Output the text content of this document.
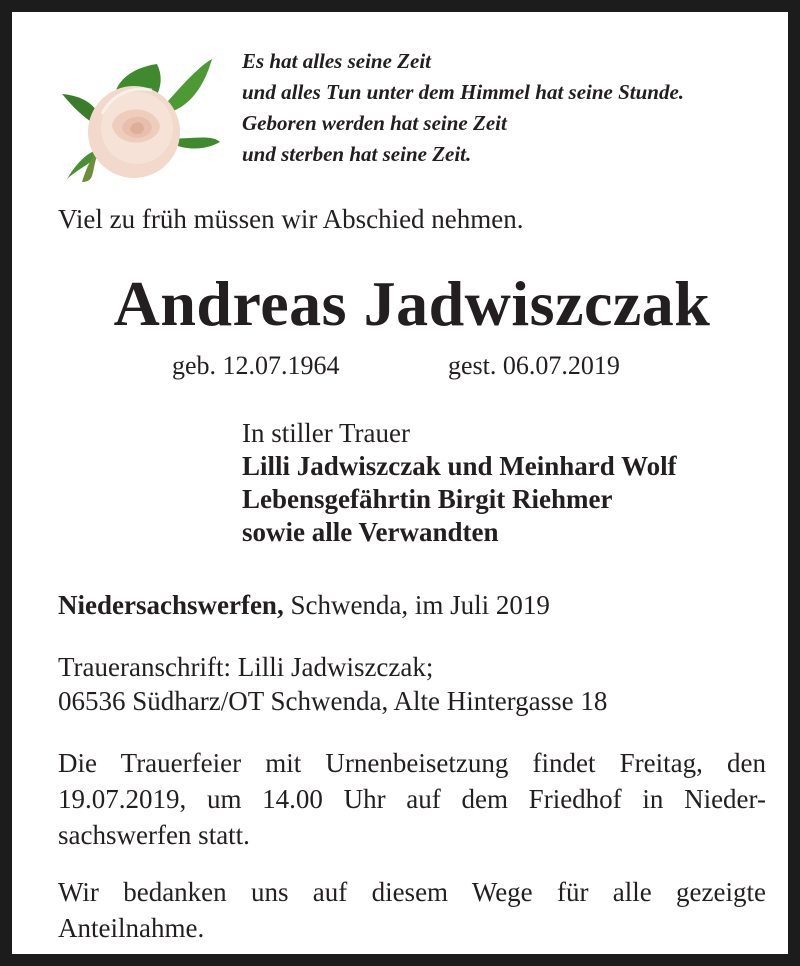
Es hat alles seine Zeit
und alles Tun unter dem Himmel hat seine Stunde.
Geboren werden hat seine Zeit
und sterben hat seine Zeit.
Viel zu früh müssen wir Abschied nehmen.
Andreas Jadwiszczak
geb. 12.07.1964	gest. 06.07.2019
In stiller Trauer
Lilli Jadwiszczak und Meinhard Wolf
Lebensgefährtin Birgit Riehmer
sowie alle Verwandten
Niedersachswerfen, Schwenda, im Juli 2019
Traueranschrift: Lilli Jadwiszczak;
06536 Südharz/OT Schwenda, Alte Hintergasse 18
Die Trauerfeier mit Urnenbeisetzung findet Freitag, den 19.07.2019, um 14.00 Uhr auf dem Friedhof in Nieder-sachswerfen statt.
Wir bedanken uns auf diesem Wege für alle gezeigte Anteilnahme.
